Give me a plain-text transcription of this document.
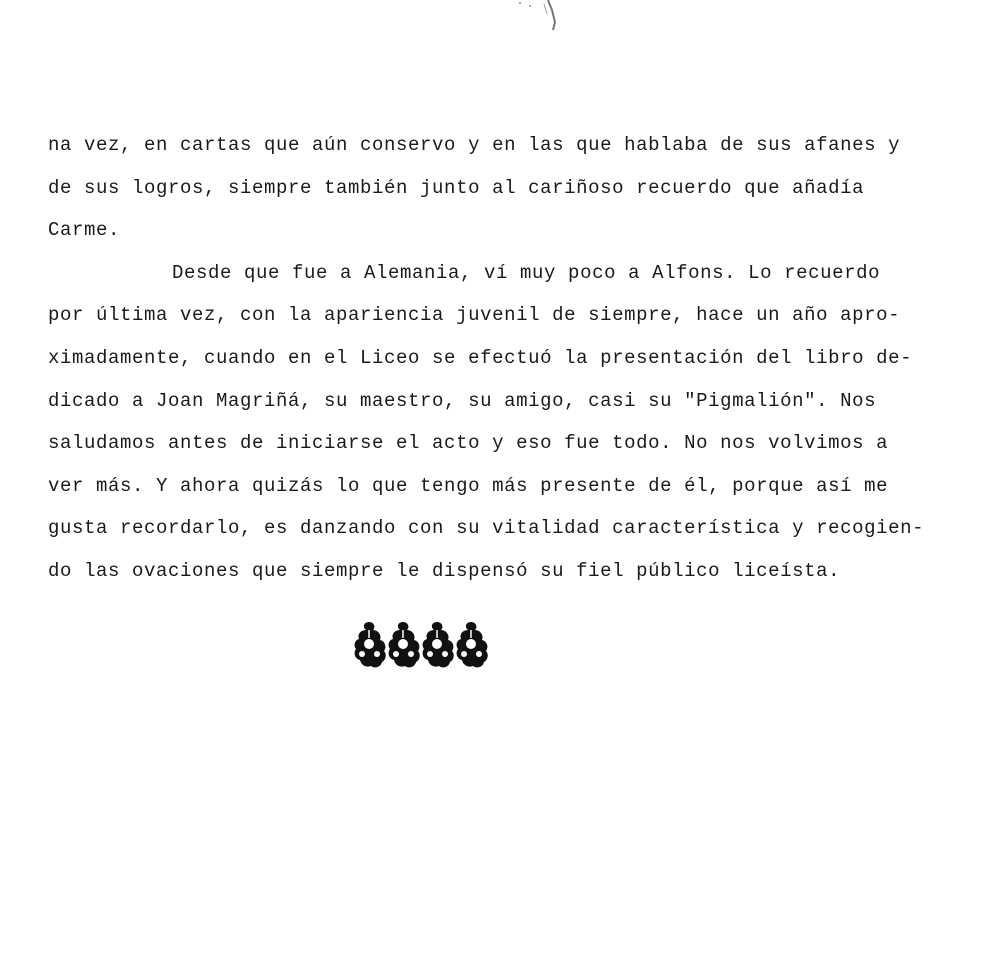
na vez, en cartas que aún conservo y en las que hablaba de sus afanes y
de sus logros, siempre también junto al cariñoso recuerdo que añadía
Carme.
Desde que fue a Alemania, ví muy poco a Alfons. Lo recuerdo
por última vez, con la apariencia juvenil de siempre, hace un año apro-
ximadamente, cuando en el Liceo se efectuó la presentación del libro de-
dicado a Joan Magriñá, su maestro, su amigo, casi su "Pigmalión". Nos
saludamos antes de iniciarse el acto y eso fue todo. No nos volvimos a
ver más. Y ahora quizás lo que tengo más presente de él, porque así me
gusta recordarlo, es danzando con su vitalidad característica y recogien-
do las ovaciones que siempre le dispensó su fiel público liceísta.
